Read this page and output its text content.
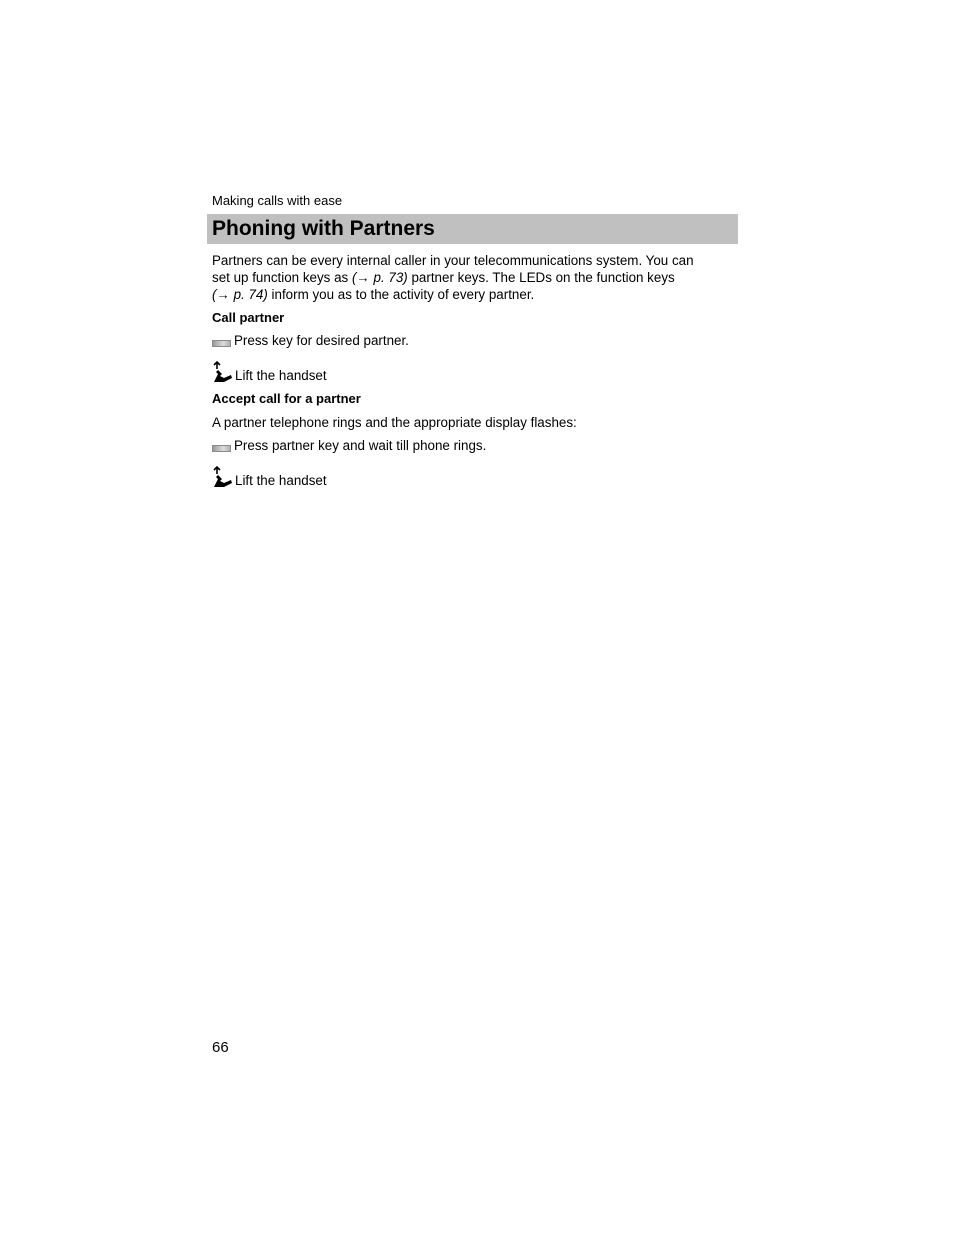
Making calls with ease
Phoning with Partners
Partners can be every internal caller in your telecommunications system. You can
set up function keys as (→ p. 73) partner keys. The LEDs on the function keys
(→ p. 74) inform you as to the activity of every partner.
Call partner
Press key for desired partner.
Lift the handset
Accept call for a partner
A partner telephone rings and the appropriate display flashes:
Press partner key and wait till phone rings.
Lift the handset
66
